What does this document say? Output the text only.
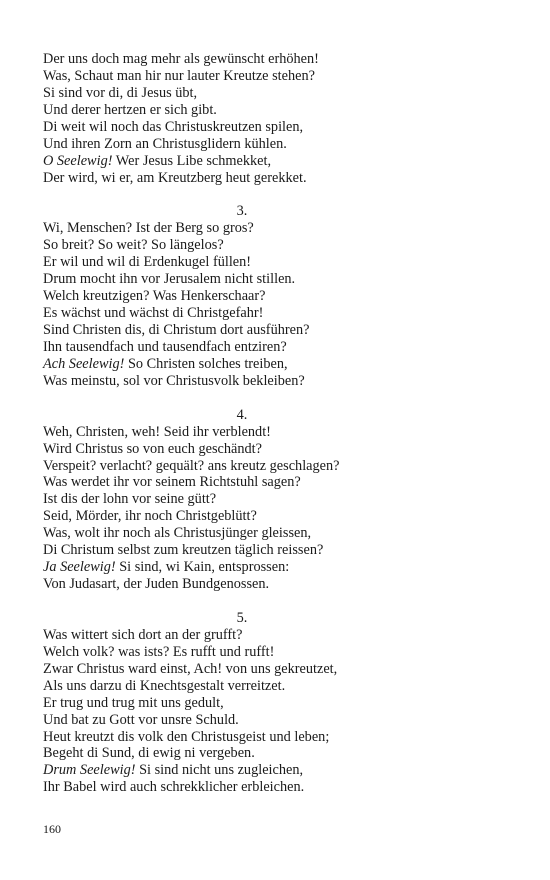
Der uns doch mag mehr als gewünscht erhöhen!
Was, Schaut man hir nur lauter Kreutze stehen?
Si sind vor di, di Jesus übt,
Und derer hertzen er sich gibt.
Di weit wil noch das Christuskreutzen spilen,
Und ihren Zorn an Christusglidern kühlen.
O Seelewig! Wer Jesus Libe schmekket,
Der wird, wi er, am Kreutzberg heut gerekket.
3.
Wi, Menschen? Ist der Berg so gros?
So breit? So weit? So längelos?
Er wil und wil di Erdenkugel füllen!
Drum mocht ihn vor Jerusalem nicht stillen.
Welch kreutzigen? Was Henkerschaar?
Es wächst und wächst di Christgefahr!
Sind Christen dis, di Christum dort ausführen?
Ihn tausendfach und tausendfach entziren?
Ach Seelewig! So Christen solches treiben,
Was meinstu, sol vor Christusvolk bekleiben?
4.
Weh, Christen, weh! Seid ihr verblendt!
Wird Christus so von euch geschändt?
Verspeit? verlacht? gequält? ans kreutz geschlagen?
Was werdet ihr vor seinem Richtstuhl sagen?
Ist dis der lohn vor seine gütt?
Seid, Mörder, ihr noch Christgeblütt?
Was, wolt ihr noch als Christusjünger gleissen,
Di Christum selbst zum kreutzen täglich reissen?
Ja Seelewig! Si sind, wi Kain, entsprossen:
Von Judasart, der Juden Bundgenossen.
5.
Was wittert sich dort an der grufft?
Welch volk? was ists? Es rufft und rufft!
Zwar Christus ward einst, Ach! von uns gekreutzet,
Als uns darzu di Knechtsgestalt verreitzet.
Er trug und trug mit uns gedult,
Und bat zu Gott vor unsre Schuld.
Heut kreutzt dis volk den Christusgeist und leben;
Begeht di Sund, di ewig ni vergeben.
Drum Seelewig! Si sind nicht uns zugleichen,
Ihr Babel wird auch schrekklicher erbleichen.
160
